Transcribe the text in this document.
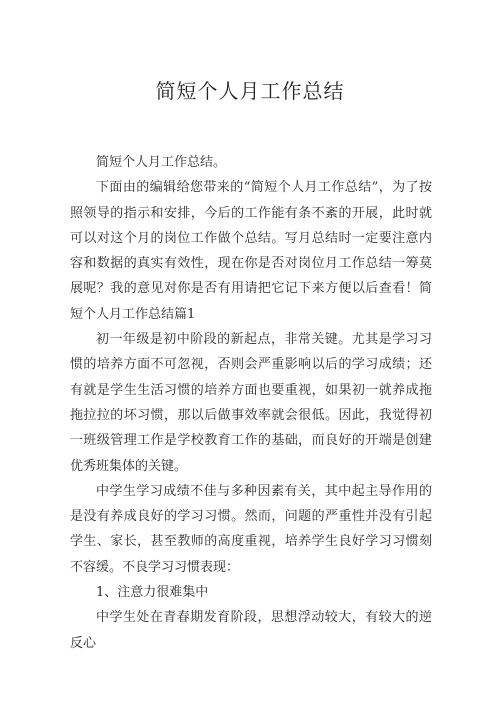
简短个人月工作总结

简短个人月工作总结。

下面由的编辑给您带来的“简短个人月工作总结”，为了按照领导的指示和安排，今后的工作能有条不紊的开展，此时就可以对这个月的岗位工作做个总结。写月总结时一定要注意内容和数据的真实有效性，现在你是否对岗位月工作总结一筹莫展呢？我的意见对你是否有用请把它记下来方便以后查看！简短个人月工作总结篇1

初一年级是初中阶段的新起点，非常关键。尤其是学习习惯的培养方面不可忽视，否则会严重影响以后的学习成绩；还有就是学生生活习惯的培养方面也要重视，如果初一就养成拖拖拉拉的坏习惯，那以后做事效率就会很低。因此，我觉得初一班级管理工作是学校教育工作的基础，而良好的开端是创建优秀班集体的关键。

中学生学习成绩不佳与多种因素有关，其中起主导作用的是没有养成良好的学习习惯。然而，问题的严重性并没有引起学生、家长，甚至教师的高度重视，培养学生良好学习习惯刻不容缓。不良学习习惯表现：

1、注意力很难集中

中学生处在青春期发育阶段，思想浮动较大，有较大的逆反心
